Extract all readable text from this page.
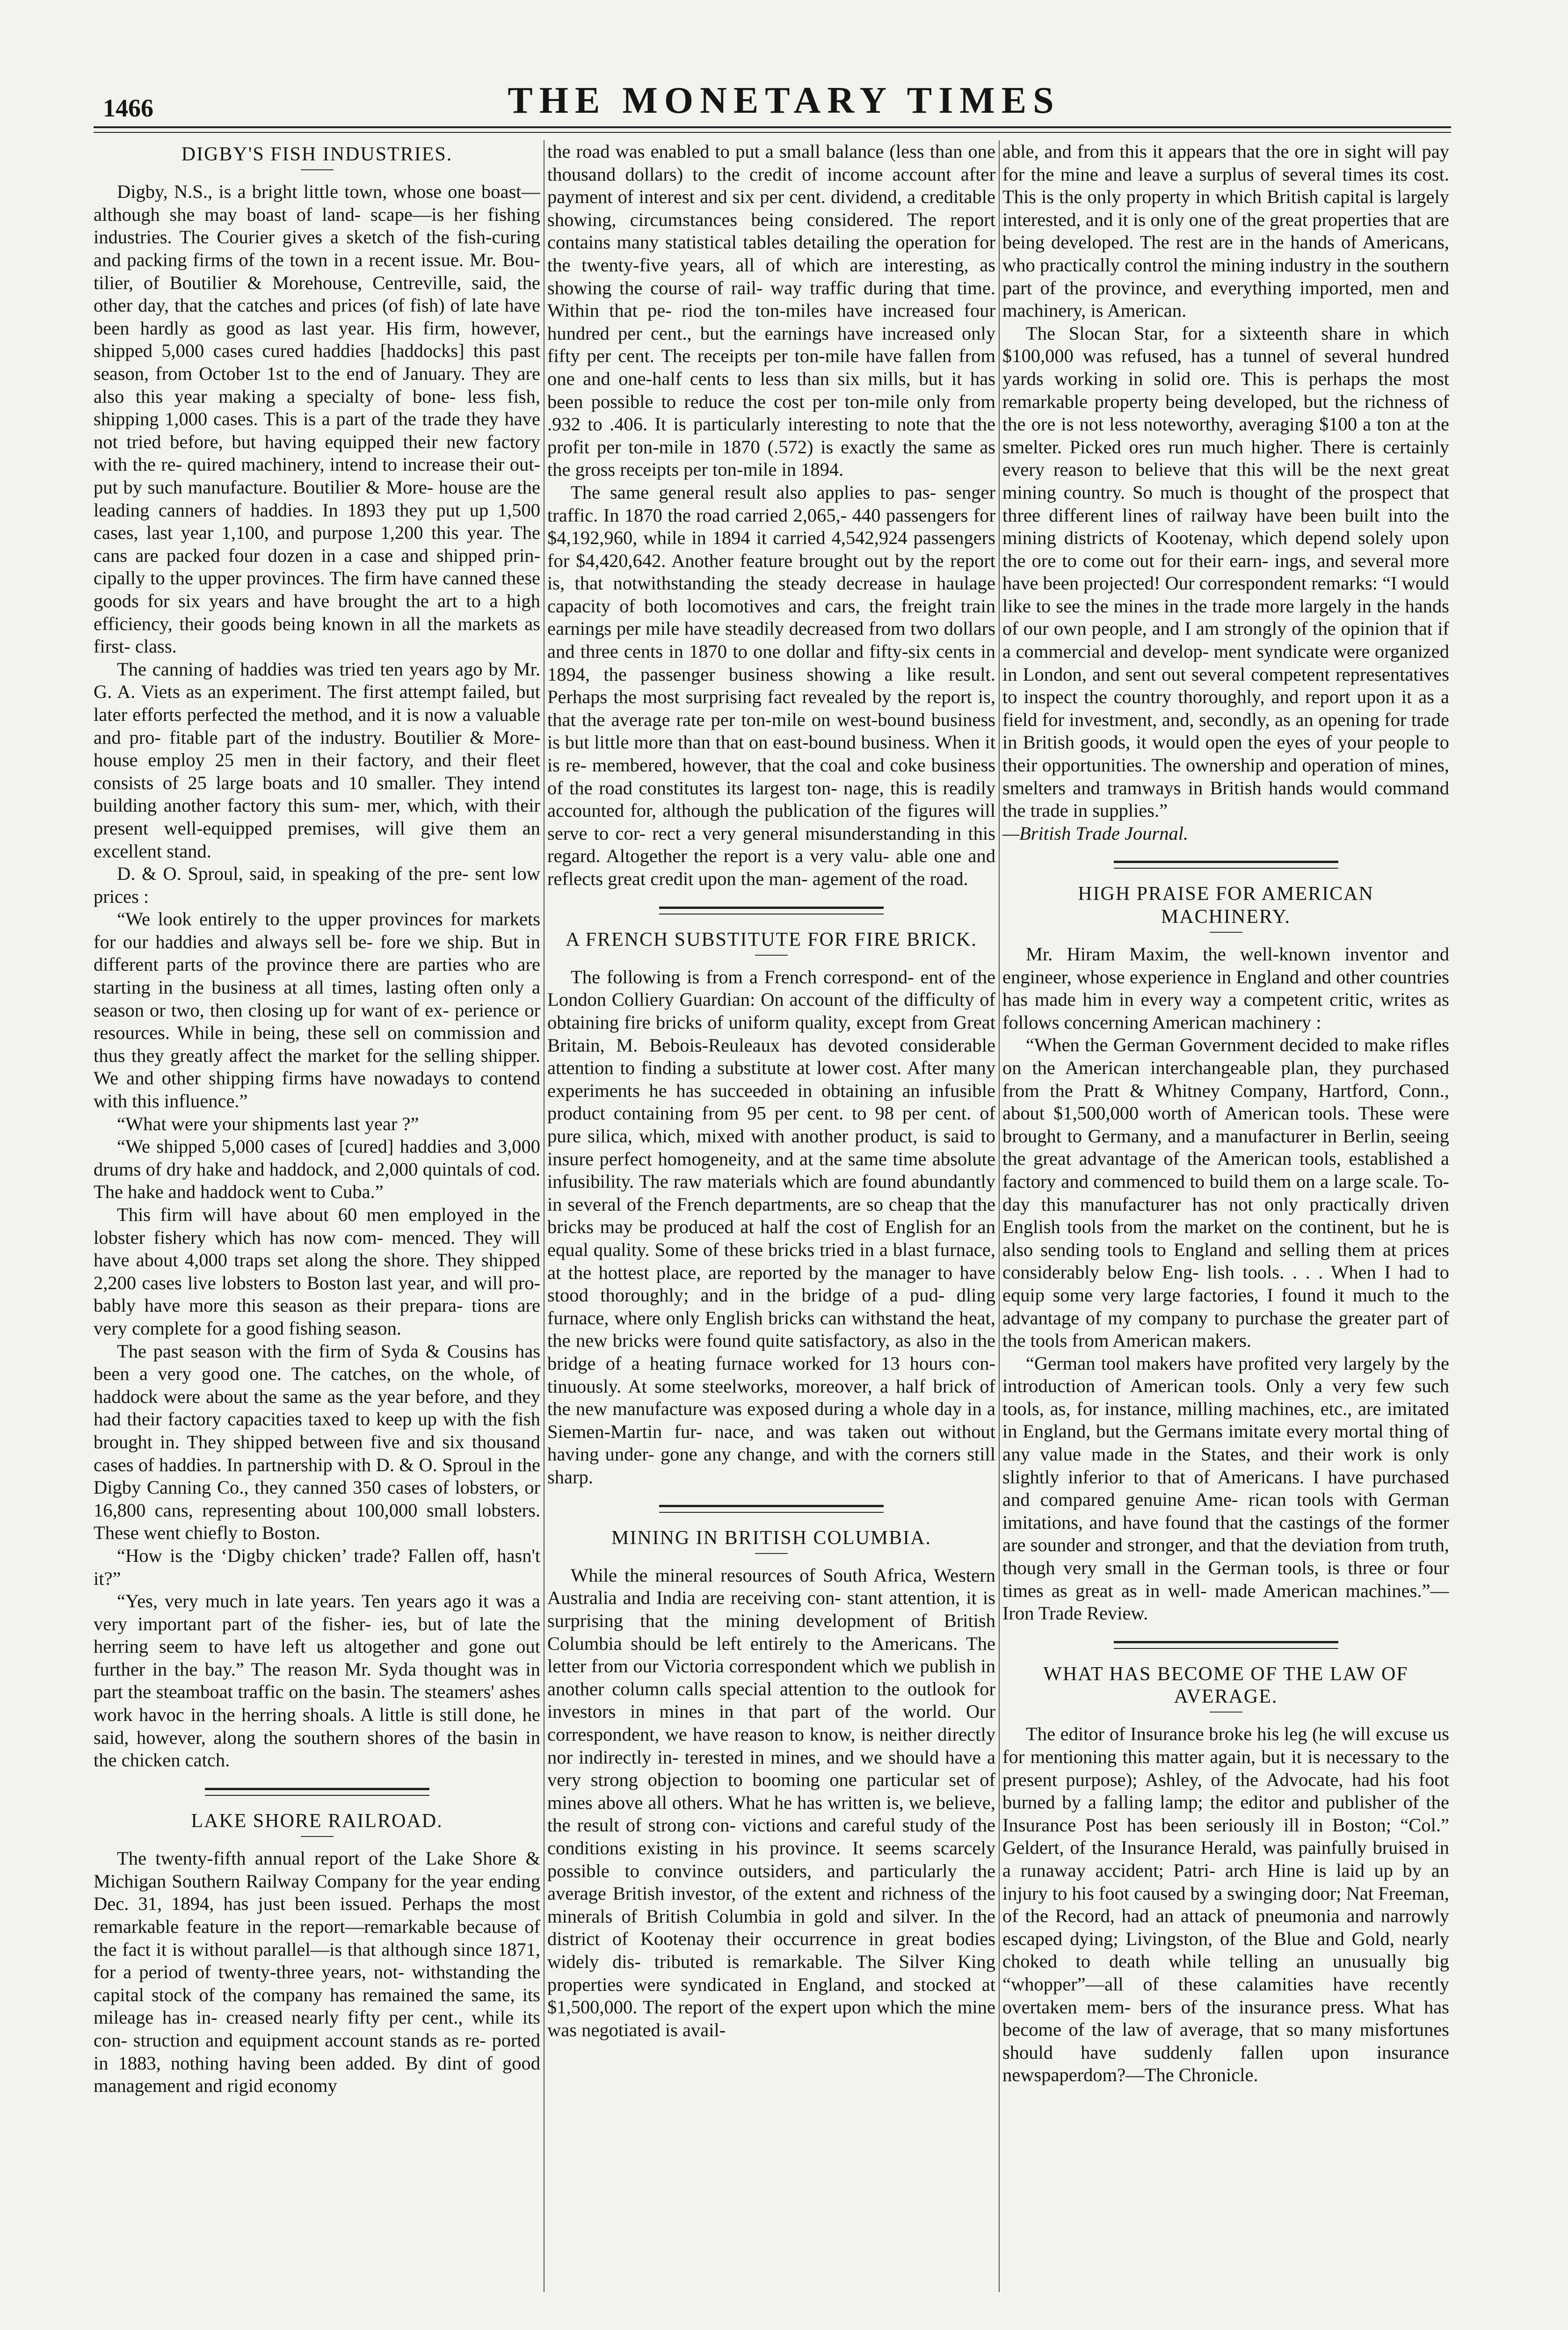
1466	THE MONETARY TIMES
DIGBY'S FISH INDUSTRIES.

Digby, N.S., is a bright little town, whose one boast—although she may boast of land- scape—is her fishing industries. The Courier gives a sketch of the fish-curing and packing firms of the town in a recent issue. Mr. Bou- tilier, of Boutilier & Morehouse, Centreville, said, the other day, that the catches and prices (of fish) of late have been hardly as good as last year. His firm, however, shipped 5,000 cases cured haddies [haddocks] this past season, from October 1st to the end of January. They are also this year making a specialty of bone- less fish, shipping 1,000 cases. This is a part of the trade they have not tried before, but having equipped their new factory with the re- quired machinery, intend to increase their out- put by such manufacture. Boutilier & More- house are the leading canners of haddies. In 1893 they put up 1,500 cases, last year 1,100, and purpose 1,200 this year. The cans are packed four dozen in a case and shipped prin- cipally to the upper provinces. The firm have canned these goods for six years and have brought the art to a high efficiency, their goods being known in all the markets as first- class.

The canning of haddies was tried ten years ago by Mr. G. A. Viets as an experiment. The first attempt failed, but later efforts perfected the method, and it is now a valuable and pro- fitable part of the industry. Boutilier & More- house employ 25 men in their factory, and their fleet consists of 25 large boats and 10 smaller. They intend building another factory this sum- mer, which, with their present well-equipped premises, will give them an excellent stand.

D. & O. Sproul, said, in speaking of the pre- sent low prices :

“We look entirely to the upper provinces for markets for our haddies and always sell be- fore we ship. But in different parts of the province there are parties who are starting in the business at all times, lasting often only a season or two, then closing up for want of ex- perience or resources. While in being, these sell on commission and thus they greatly affect the market for the selling shipper. We and other shipping firms have nowadays to contend with this influence.”

“What were your shipments last year ?”

“We shipped 5,000 cases of [cured] haddies and 3,000 drums of dry hake and haddock, and 2,000 quintals of cod. The hake and haddock went to Cuba.”

This firm will have about 60 men employed in the lobster fishery which has now com- menced. They will have about 4,000 traps set along the shore. They shipped 2,200 cases live lobsters to Boston last year, and will pro- bably have more this season as their prepara- tions are very complete for a good fishing season.

The past season with the firm of Syda & Cousins has been a very good one. The catches, on the whole, of haddock were about the same as the year before, and they had their factory capacities taxed to keep up with the fish brought in. They shipped between five and six thousand cases of haddies. In partnership with D. & O. Sproul in the Digby Canning Co., they canned 350 cases of lobsters, or 16,800 cans, representing about 100,000 small lobsters. These went chiefly to Boston.

“How is the ‘Digby chicken’ trade? Fallen off, hasn't it?”

“Yes, very much in late years. Ten years ago it was a very important part of the fisher- ies, but of late the herring seem to have left us altogether and gone out further in the bay.” The reason Mr. Syda thought was in part the steamboat traffic on the basin. The steamers' ashes work havoc in the herring shoals. A little is still done, he said, however, along the southern shores of the basin in the chicken catch.

LAKE SHORE RAILROAD.

The twenty-fifth annual report of the Lake Shore & Michigan Southern Railway Company for the year ending Dec. 31, 1894, has just been issued. Perhaps the most remarkable feature in the report—remarkable because of the fact it is without parallel—is that although since 1871, for a period of twenty-three years, not- withstanding the capital stock of the company has remained the same, its mileage has in- creased nearly fifty per cent., while its con- struction and equipment account stands as re- ported in 1883, nothing having been added. By dint of good management and rigid economy

the road was enabled to put a small balance (less than one thousand dollars) to the credit of income account after payment of interest and six per cent. dividend, a creditable showing, circumstances being considered. The report contains many statistical tables detailing the operation for the twenty-five years, all of which are interesting, as showing the course of rail- way traffic during that time. Within that pe- riod the ton-miles have increased four hundred per cent., but the earnings have increased only fifty per cent. The receipts per ton-mile have fallen from one and one-half cents to less than six mills, but it has been possible to reduce the cost per ton-mile only from .932 to .406. It is particularly interesting to note that the profit per ton-mile in 1870 (.572) is exactly the same as the gross receipts per ton-mile in 1894.

The same general result also applies to pas- senger traffic. In 1870 the road carried 2,065,- 440 passengers for $4,192,960, while in 1894 it carried 4,542,924 passengers for $4,420,642. Another feature brought out by the report is, that notwithstanding the steady decrease in haulage capacity of both locomotives and cars, the freight train earnings per mile have steadily decreased from two dollars and three cents in 1870 to one dollar and fifty-six cents in 1894, the passenger business showing a like result. Perhaps the most surprising fact revealed by the report is, that the average rate per ton-mile on west-bound business is but little more than that on east-bound business. When it is re- membered, however, that the coal and coke business of the road constitutes its largest ton- nage, this is readily accounted for, although the publication of the figures will serve to cor- rect a very general misunderstanding in this regard. Altogether the report is a very valu- able one and reflects great credit upon the man- agement of the road.

A FRENCH SUBSTITUTE FOR FIRE BRICK.

The following is from a French correspond- ent of the London Colliery Guardian: On account of the difficulty of obtaining fire bricks of uniform quality, except from Great Britain, M. Bebois-Reuleaux has devoted considerable attention to finding a substitute at lower cost. After many experiments he has succeeded in obtaining an infusible product containing from 95 per cent. to 98 per cent. of pure silica, which, mixed with another product, is said to insure perfect homogeneity, and at the same time absolute infusibility. The raw materials which are found abundantly in several of the French departments, are so cheap that the bricks may be produced at half the cost of English for an equal quality. Some of these bricks tried in a blast furnace, at the hottest place, are reported by the manager to have stood thoroughly; and in the bridge of a pud- dling furnace, where only English bricks can withstand the heat, the new bricks were found quite satisfactory, as also in the bridge of a heating furnace worked for 13 hours con- tinuously. At some steelworks, moreover, a half brick of the new manufacture was exposed during a whole day in a Siemen-Martin fur- nace, and was taken out without having under- gone any change, and with the corners still sharp.

MINING IN BRITISH COLUMBIA.

While the mineral resources of South Africa, Western Australia and India are receiving con- stant attention, it is surprising that the mining development of British Columbia should be left entirely to the Americans. The letter from our Victoria correspondent which we publish in another column calls special attention to the outlook for investors in mines in that part of the world. Our correspondent, we have reason to know, is neither directly nor indirectly in- terested in mines, and we should have a very strong objection to booming one particular set of mines above all others. What he has written is, we believe, the result of strong con- victions and careful study of the conditions existing in his province. It seems scarcely possible to convince outsiders, and particularly the average British investor, of the extent and richness of the minerals of British Columbia in gold and silver. In the district of Kootenay their occurrence in great bodies widely dis- tributed is remarkable. The Silver King properties were syndicated in England, and stocked at $1,500,000. The report of the expert upon which the mine was negotiated is avail-

able, and from this it appears that the ore in sight will pay for the mine and leave a surplus of several times its cost. This is the only property in which British capital is largely interested, and it is only one of the great properties that are being developed. The rest are in the hands of Americans, who practically control the mining industry in the southern part of the province, and everything imported, men and machinery, is American.

The Slocan Star, for a sixteenth share in which $100,000 was refused, has a tunnel of several hundred yards working in solid ore. This is perhaps the most remarkable property being developed, but the richness of the ore is not less noteworthy, averaging $100 a ton at the smelter. Picked ores run much higher. There is certainly every reason to believe that this will be the next great mining country. So much is thought of the prospect that three different lines of railway have been built into the mining districts of Kootenay, which depend solely upon the ore to come out for their earn- ings, and several more have been projected! Our correspondent remarks: “I would like to see the mines in the trade more largely in the hands of our own people, and I am strongly of the opinion that if a commercial and develop- ment syndicate were organized in London, and sent out several competent representatives to inspect the country thoroughly, and report upon it as a field for investment, and, secondly, as an opening for trade in British goods, it would open the eyes of your people to their opportunities. The ownership and operation of mines, smelters and tramways in British hands would command the trade in supplies.”

—British Trade Journal.

HIGH PRAISE FOR AMERICAN MACHINERY.

Mr. Hiram Maxim, the well-known inventor and engineer, whose experience in England and other countries has made him in every way a competent critic, writes as follows concerning American machinery :

“When the German Government decided to make rifles on the American interchangeable plan, they purchased from the Pratt & Whitney Company, Hartford, Conn., about $1,500,000 worth of American tools. These were brought to Germany, and a manufacturer in Berlin, seeing the great advantage of the American tools, established a factory and commenced to build them on a large scale. To-day this manufacturer has not only practically driven English tools from the market on the continent, but he is also sending tools to England and selling them at prices considerably below Eng- lish tools. . . . When I had to equip some very large factories, I found it much to the advantage of my company to purchase the greater part of the tools from American makers.

“German tool makers have profited very largely by the introduction of American tools. Only a very few such tools, as, for instance, milling machines, etc., are imitated in England, but the Germans imitate every mortal thing of any value made in the States, and their work is only slightly inferior to that of Americans. I have purchased and compared genuine Ame- rican tools with German imitations, and have found that the castings of the former are sounder and stronger, and that the deviation from truth, though very small in the German tools, is three or four times as great as in well- made American machines.”—Iron Trade Review.

WHAT HAS BECOME OF THE LAW OF AVERAGE.

The editor of Insurance broke his leg (he will excuse us for mentioning this matter again, but it is necessary to the present purpose); Ashley, of the Advocate, had his foot burned by a falling lamp; the editor and publisher of the Insurance Post has been seriously ill in Boston; “Col.” Geldert, of the Insurance Herald, was painfully bruised in a runaway accident; Patri- arch Hine is laid up by an injury to his foot caused by a swinging door; Nat Freeman, of the Record, had an attack of pneumonia and narrowly escaped dying; Livingston, of the Blue and Gold, nearly choked to death while telling an unusually big “whopper”—all of these calamities have recently overtaken mem- bers of the insurance press. What has become of the law of average, that so many misfortunes should have suddenly fallen upon insurance newspaperdom?—The Chronicle.
